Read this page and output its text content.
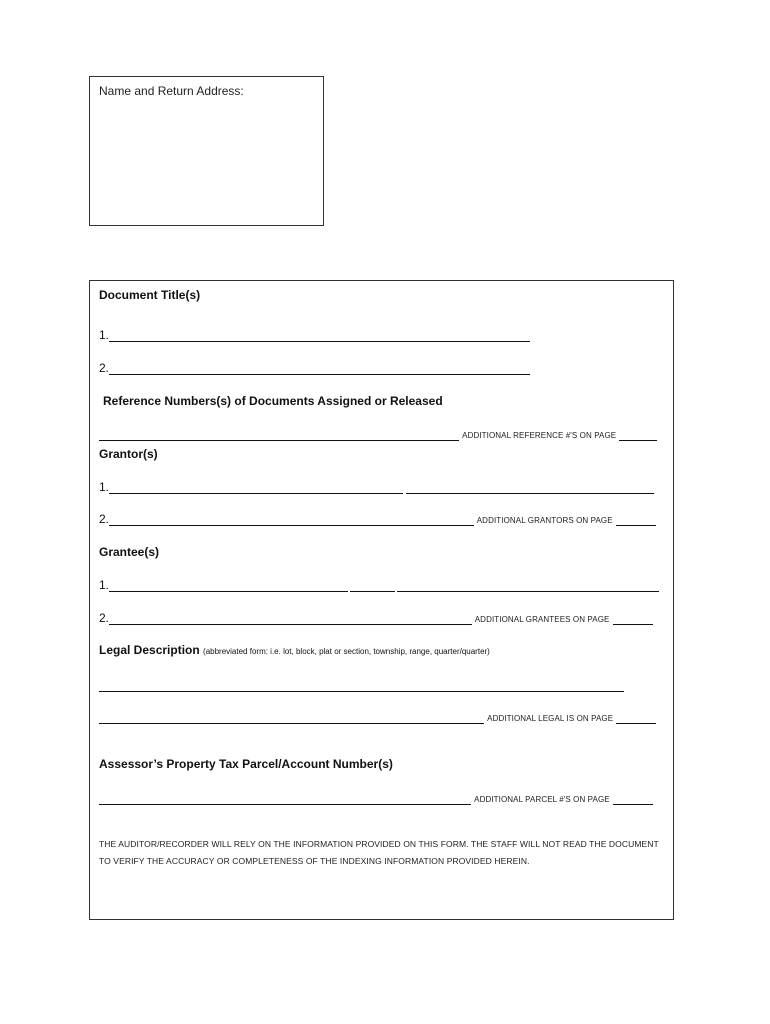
Name and Return Address:
Document Title(s)
1.
2.
Reference Numbers(s) of Documents Assigned or Released
ADDITIONAL REFERENCE #'S ON PAGE
Grantor(s)
1.
2.	ADDITIONAL GRANTORS ON PAGE
Grantee(s)
1.
2.	ADDITIONAL GRANTEES ON PAGE
Legal Description (abbreviated form: i.e. lot, block, plat or section, township, range, quarter/quarter)
ADDITIONAL LEGAL IS ON PAGE
Assessor’s Property Tax Parcel/Account Number(s)
ADDITIONAL PARCEL #'S ON PAGE
THE AUDITOR/RECORDER WILL RELY ON THE INFORMATION PROVIDED ON THIS FORM. THE STAFF WILL NOT READ THE DOCUMENT TO VERIFY THE ACCURACY OR COMPLETENESS OF THE INDEXING INFORMATION PROVIDED HEREIN.
